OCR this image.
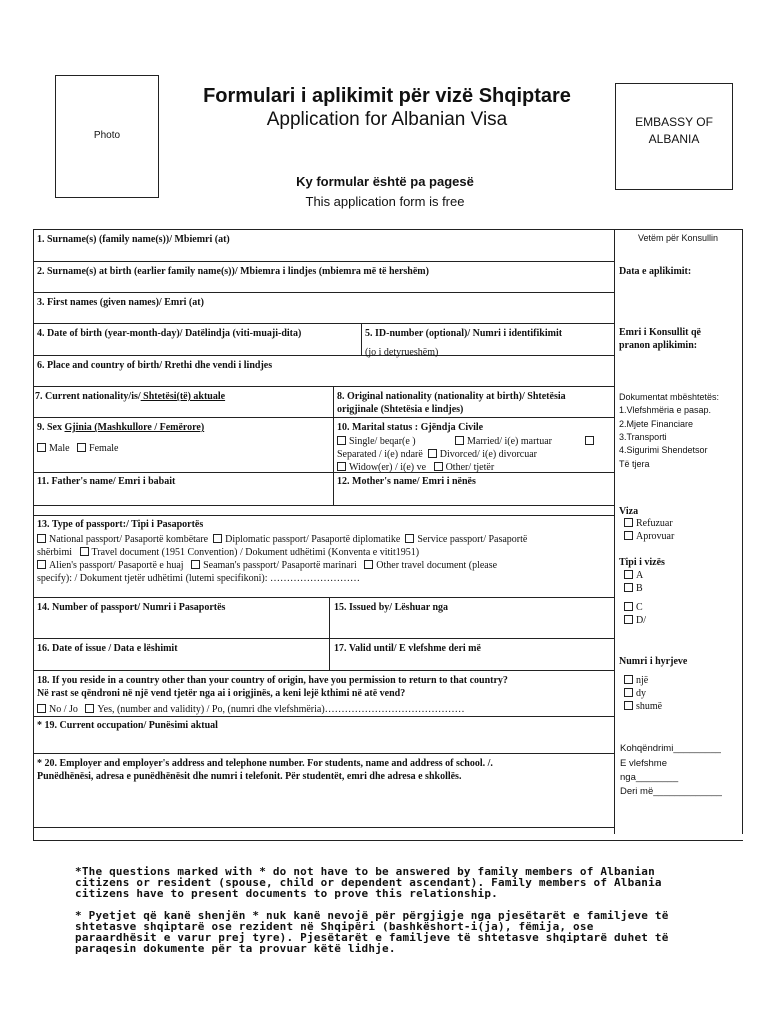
Photo
Formulari i aplikimit për vizë Shqiptare
Application for Albanian Visa	EMBASSY OF
ALBANIA
Ky formular është pa pagesë
This application form is free
1. Surname(s) (family name(s))/ Mbiemri (at)
2. Surname(s) at birth (earlier family name(s))/ Mbiemra i lindjes (mbiemra më të hershëm)
3. First names (given names)/ Emri (at)
4. Date of birth (year-month-day)/ Datëlindja (viti-muaji-dita)	5. ID-number (optional)/ Numri i identifikimit
(jo i detyrueshëm)
6. Place and country of birth/ Rrethi dhe vendi i lindjes
7. Current nationality/is/ Shtetësi(të) aktuale	8. Original nationality (nationality at birth)/ Shtetësia
origjinale (Shtetësia e lindjes)
9. Sex Gjinia (Mashkullore / Femërore)
Male Female
10. Marital status : Gjëndja Civile
Single/ beqar(e )	Married/ i(e) martuar
Separated / i(e) ndarë Divorced/ i(e) divorcuar
Widow(er) / i(e) ve Other/ tjetër
11. Father's name/ Emri i babait	12. Mother's name/ Emri i nënës
13. Type of passport:/ Tipi i Pasaportës
National passport/ Pasaportë kombëtare Diplomatic passport/ Pasaportë diplomatike Service passport/ Pasaportë
shërbimi Travel document (1951 Convention) / Dokument udhëtimi (Konventa e vitit1951)
Alien's passport/ Pasaportë e huaj Seaman's passport/ Pasaportë marinari Other travel document (please
specify): / Dokument tjetër udhëtimi (lutemi specifikoni): ………………………
14. Number of passport/ Numri i Pasaportës	15. Issued by/ Lëshuar nga
16. Date of issue / Data e lëshimit	17. Valid until/ E vlefshme deri më
18. If you reside in a country other than your country of origin, have you permission to return to that country?
Në rast se qëndroni në një vend tjetër nga ai i origjinës, a keni lejë kthimi në atë vend?
No / Jo Yes, (number and validity) / Po, (numri dhe vlefshmëria)……………………………………
* 19. Current occupation/ Punësimi aktual
* 20. Employer and employer's address and telephone number. For students, name and address of school. /.
Punëdhënësi, adresa e punëdhënësit dhe numri i telefonit. Për studentët, emri dhe adresa e shkollës.
Vetëm për Konsullin
Data e aplikimit:
Emri i Konsullit që
pranon aplikimin:
Dokumentat mbështetës:
1.Vlefshmëria e pasap.
2.Mjete Financiare
3.Transporti
4.Sigurimi Shendetsor
Të tjera
Viza
Refuzuar
Aprovuar
Tipi i vizës
A
B
C
D/
Numri i hyrjeve
një
dy
shumë
Kohqëndrimi_________
E vlefshme
nga________
Deri më_____________
*The questions marked with * do not have to be answered by family members of Albanian citizens or resident (spouse, child or dependent ascendant). Family members of Albania citizens have to present documents to prove this relationship.
* Pyetjet që kanë shenjën * nuk kanë nevojë për përgjigje nga pjesëtarët e familjeve të shtetasve shqiptarë ose rezident në Shqipëri (bashkëshort-i(ja), fëmija, ose paraardhësit e varur prej tyre). Pjesëtarët e familjeve të shtetasve shqiptarë duhet të paraqesin dokumente për ta provuar këtë lidhje.
